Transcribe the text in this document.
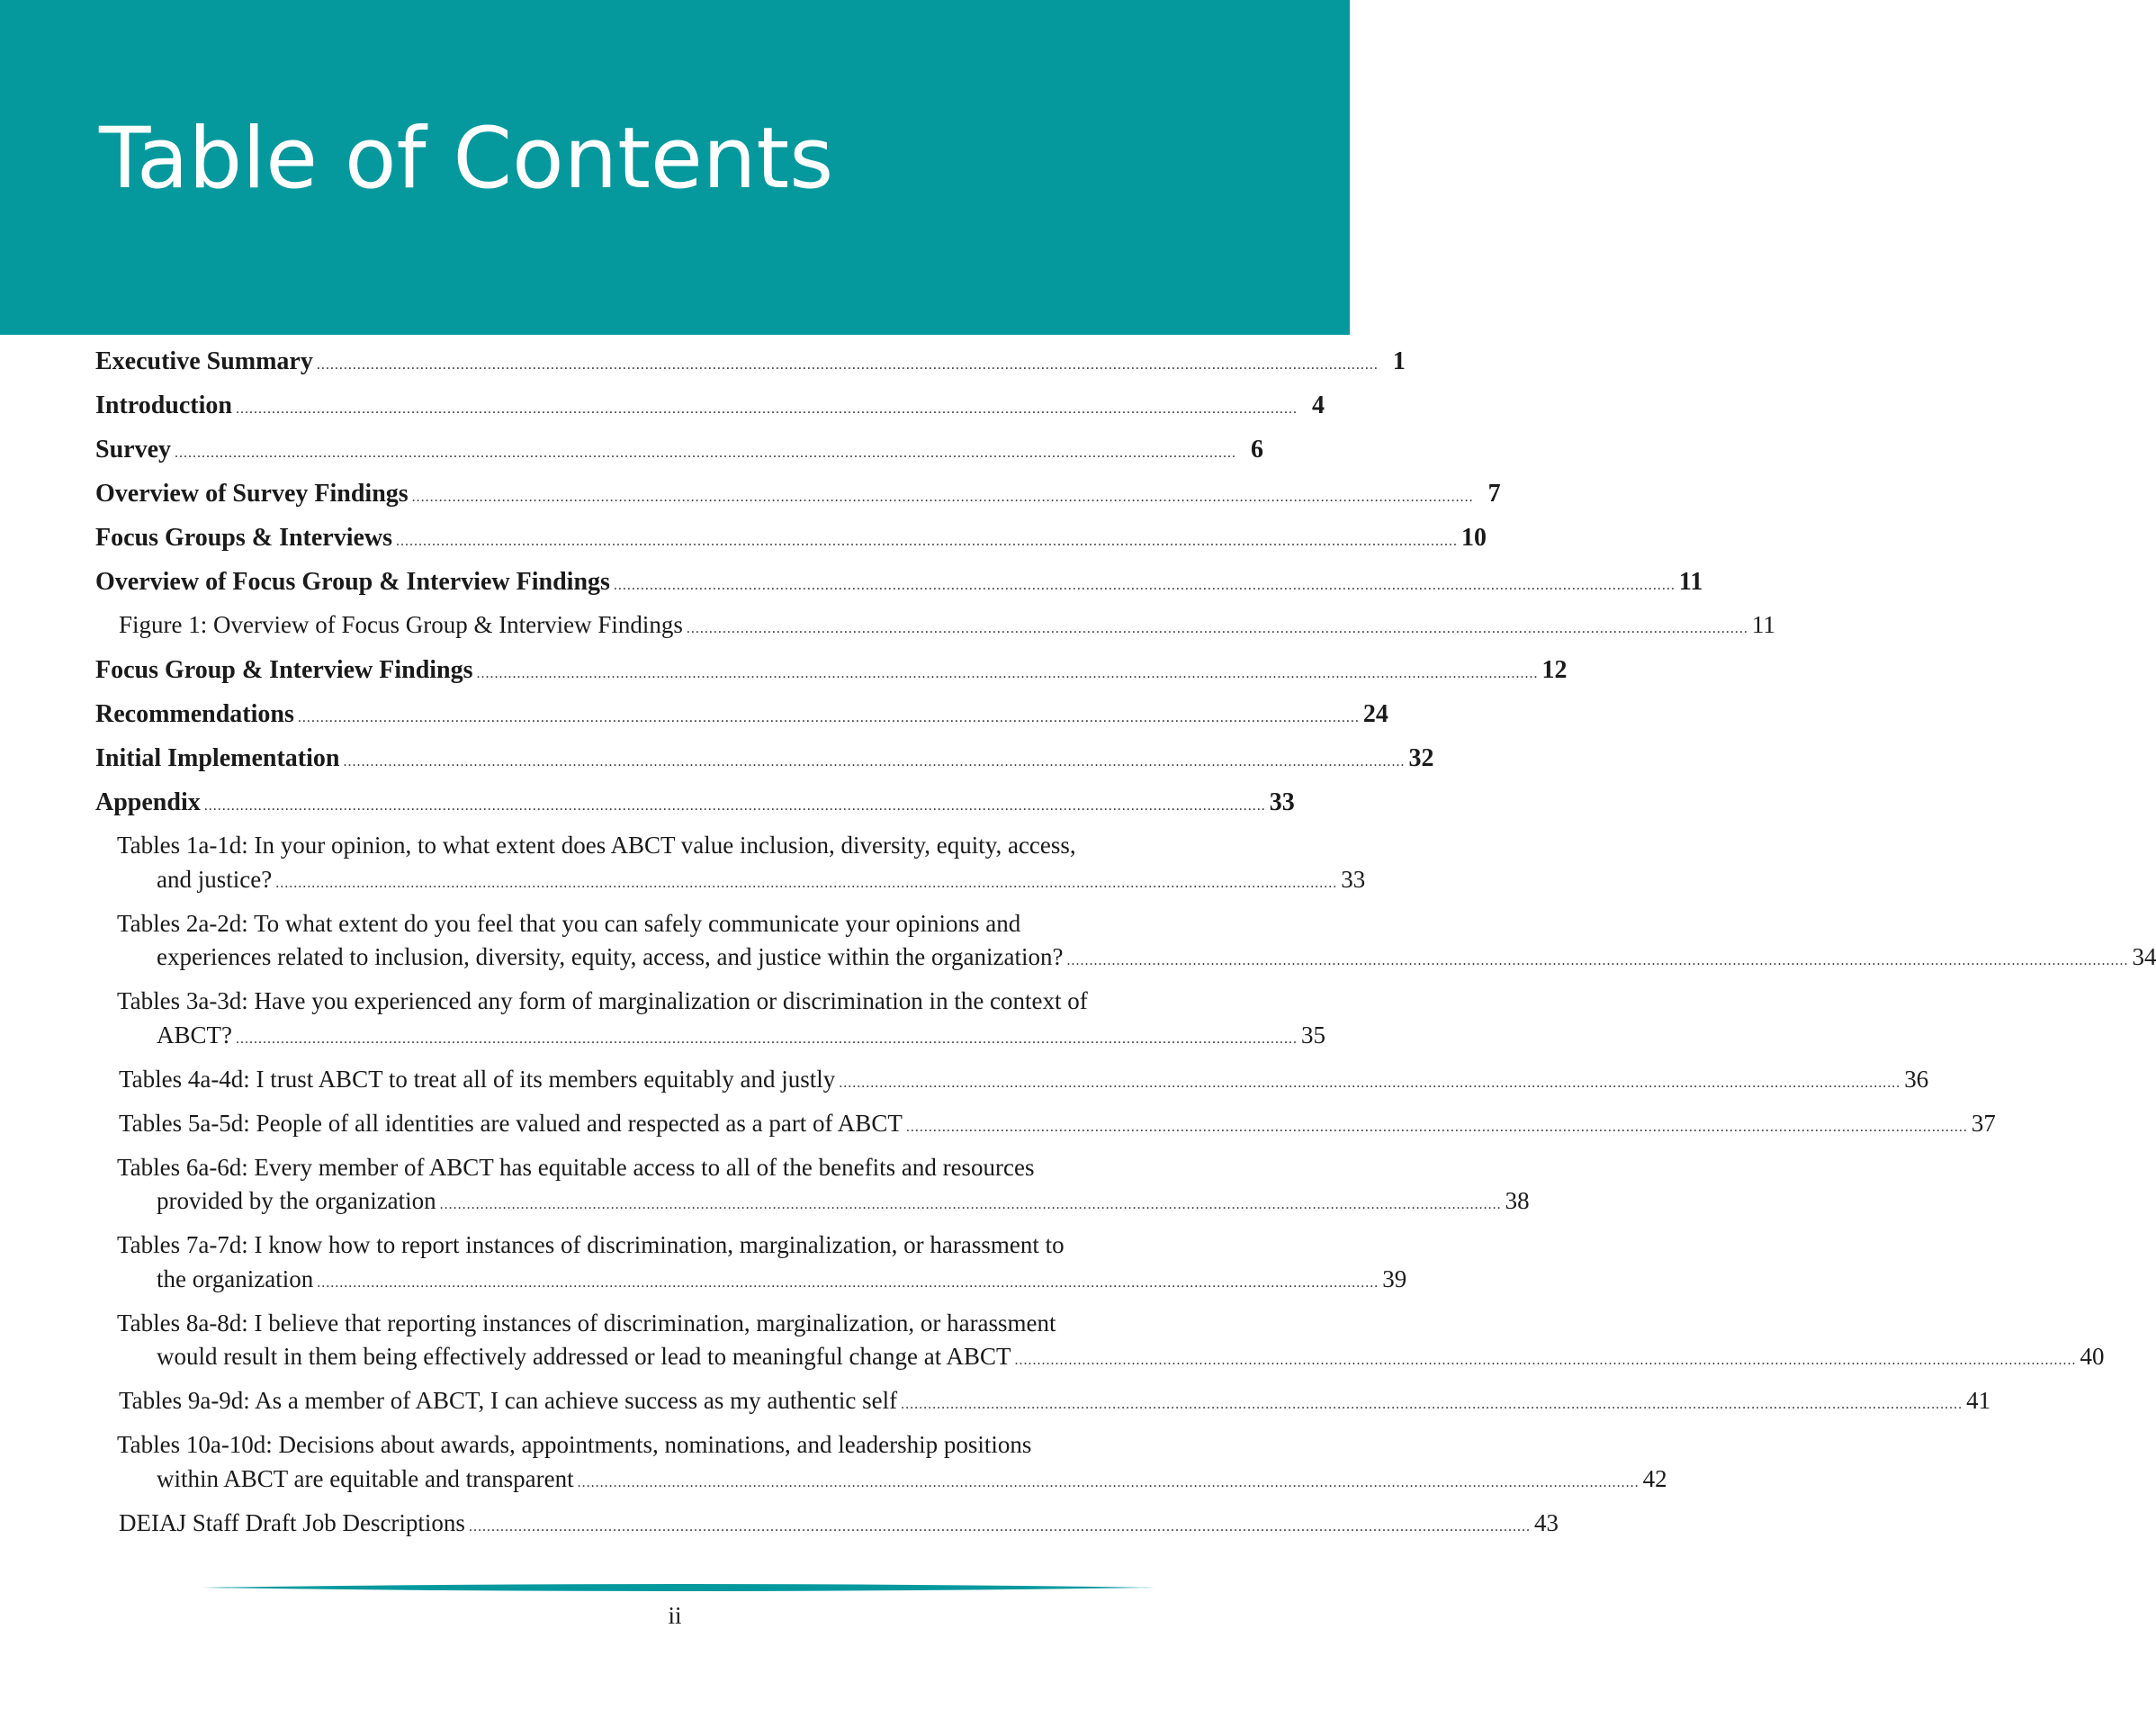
Table of Contents
Executive Summary ............................................................................................................................................................................................................................................ 1
Introduction ............................................................................................................................................................................................................................................ 4
Survey ............................................................................................................................................................................................................................................ 6
Overview of Survey Findings ............................................................................................................................................................................................................................................ 7
Focus Groups & Interviews ............................................................................................................................................................................................................................................ 10
Overview of Focus Group & Interview Findings ............................................................................................................................................................................................................................................ 11
Figure 1: Overview of Focus Group & Interview Findings ............................................................................................................................................................................................................................................ 11
Focus Group & Interview Findings ............................................................................................................................................................................................................................................ 12
Recommendations ............................................................................................................................................................................................................................................ 24
Initial Implementation ............................................................................................................................................................................................................................................ 32
Appendix ............................................................................................................................................................................................................................................ 33
Tables 1a-1d: In your opinion, to what extent does ABCT value inclusion, diversity, equity, access,
and justice? ............................................................................................................................................................................................................................................ 33
Tables 2a-2d: To what extent do you feel that you can safely communicate your opinions and
experiences related to inclusion, diversity, equity, access, and justice within the organization? ............................................................................................................................................................................................................................................ 34
Tables 3a-3d: Have you experienced any form of marginalization or discrimination in the context of
ABCT? ............................................................................................................................................................................................................................................ 35
Tables 4a-4d: I trust ABCT to treat all of its members equitably and justly ............................................................................................................................................................................................................................................ 36
Tables 5a-5d: People of all identities are valued and respected as a part of ABCT ............................................................................................................................................................................................................................................ 37
Tables 6a-6d: Every member of ABCT has equitable access to all of the benefits and resources
provided by the organization ............................................................................................................................................................................................................................................ 38
Tables 7a-7d: I know how to report instances of discrimination, marginalization, or harassment to
the organization ............................................................................................................................................................................................................................................ 39
Tables 8a-8d: I believe that reporting instances of discrimination, marginalization, or harassment
would result in them being effectively addressed or lead to meaningful change at ABCT ............................................................................................................................................................................................................................................ 40
Tables 9a-9d: As a member of ABCT, I can achieve success as my authentic self ............................................................................................................................................................................................................................................ 41
Tables 10a-10d: Decisions about awards, appointments, nominations, and leadership positions
within ABCT are equitable and transparent ............................................................................................................................................................................................................................................ 42
DEIAJ Staff Draft Job Descriptions ............................................................................................................................................................................................................................................ 43
ii
